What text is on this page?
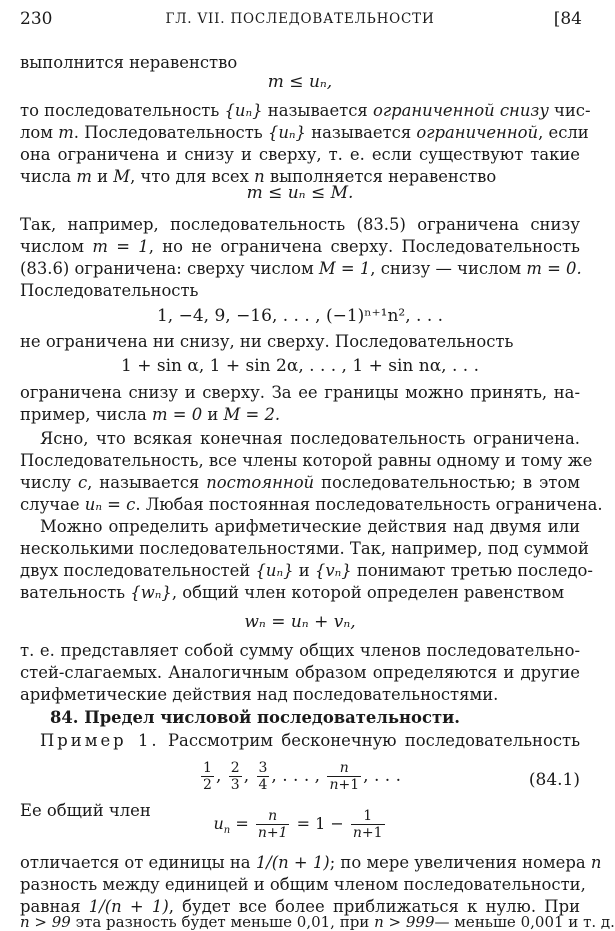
230	ГЛ. VII. ПОСЛЕДОВАТЕЛЬНОСТИ	[84
выполнится неравенство
m ≤ uₙ,
то последовательность {uₙ} называется ограниченной снизу чис-
лом m. Последовательность {uₙ} называется ограниченной, если
она ограничена и снизу и сверху, т. е. если существуют такие
числа m и M, что для всех n выполняется неравенство
m ≤ uₙ ≤ M.
Так, например, последовательность (83.5) ограничена снизу
числом m = 1, но не ограничена сверху. Последовательность
(83.6) ограничена: сверху числом M = 1, снизу — числом m = 0.
Последовательность
1, −4, 9, −16, . . . , (−1)ⁿ⁺¹n², . . .
не ограничена ни снизу, ни сверху. Последовательность
1 + sin α, 1 + sin 2α, . . . , 1 + sin nα, . . .
ограничена снизу и сверху. За ее границы можно принять, на-
пример, числа m = 0 и M = 2.
Ясно, что всякая конечная последовательность ограничена.
Последовательность, все члены которой равны одному и тому же
числу c, называется постоянной последовательностью; в этом
случае uₙ = c. Любая постоянная последовательность ограничена.
Можно определить арифметические действия над двумя или
несколькими последовательностями. Так, например, под суммой
двух последовательностей {uₙ} и {vₙ} понимают третью последо-
вательность {wₙ}, общий член которой определен равенством
wₙ = uₙ + vₙ,
т. е. представляет собой сумму общих членов последовательно-
стей-слагаемых. Аналогичным образом определяются и другие
арифметические действия над последовательностями.
84. Предел числовой последовательности.
Пример 1. Рассмотрим бесконечную последовательность
$\frac{1}{2}$ , $\frac{2}{3}$ , $\frac{3}{4}$ , . . . , $\frac{n}{n+1}$ , . . .	(84.1)
Ее общий член
$u_n = \frac{n}{n+1} = 1 - \frac{1}{n+1}$
отличается от единицы на 1/(n + 1); по мере увеличения номера n
разность между единицей и общим членом последовательности,
равная 1/(n + 1), будет все более приближаться к нулю. При
n > 99 эта разность будет меньше 0,01, при n > 999— меньше 0,001 и т. д.
